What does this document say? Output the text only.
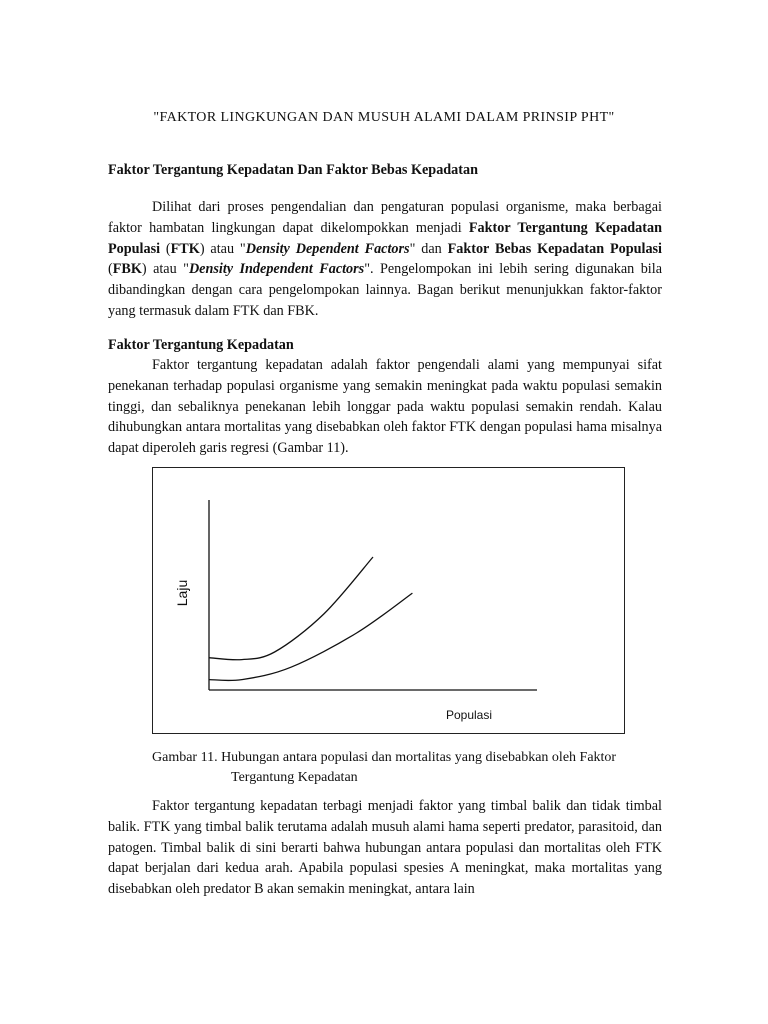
"FAKTOR LINGKUNGAN DAN MUSUH ALAMI DALAM PRINSIP PHT"
Faktor Tergantung Kepadatan Dan Faktor Bebas Kepadatan

Dilihat dari proses pengendalian dan pengaturan populasi organisme, maka berbagai faktor hambatan lingkungan dapat dikelompokkan menjadi Faktor Tergantung Kepadatan Populasi (FTK) atau "Density Dependent Factors" dan Faktor Bebas Kepadatan Populasi (FBK) atau "Density Independent Factors". Pengelompokan ini lebih sering digunakan bila dibandingkan dengan cara pengelompokan lainnya. Bagan berikut menunjukkan faktor-faktor yang termasuk dalam FTK dan FBK.

Faktor Tergantung Kepadatan

Faktor tergantung kepadatan adalah faktor pengendali alami yang mempunyai sifat penekanan terhadap populasi organisme yang semakin meningkat pada waktu populasi semakin tinggi, dan sebaliknya penekanan lebih longgar pada waktu populasi semakin rendah. Kalau dihubungkan antara mortalitas yang disebabkan oleh faktor FTK dengan populasi hama misalnya dapat diperoleh garis regresi (Gambar 11).

Populasi
Laju
Gambar 11. Hubungan antara populasi dan mortalitas yang disebabkan oleh Faktor
Tergantung Kepadatan

Faktor tergantung kepadatan terbagi menjadi faktor yang timbal balik dan tidak timbal balik. FTK yang timbal balik terutama adalah musuh alami hama seperti predator, parasitoid, dan patogen. Timbal balik di sini berarti bahwa hubungan antara populasi dan mortalitas oleh FTK dapat berjalan dari kedua arah. Apabila populasi spesies A meningkat, maka mortalitas yang disebabkan oleh predator B akan semakin meningkat, antara lain
